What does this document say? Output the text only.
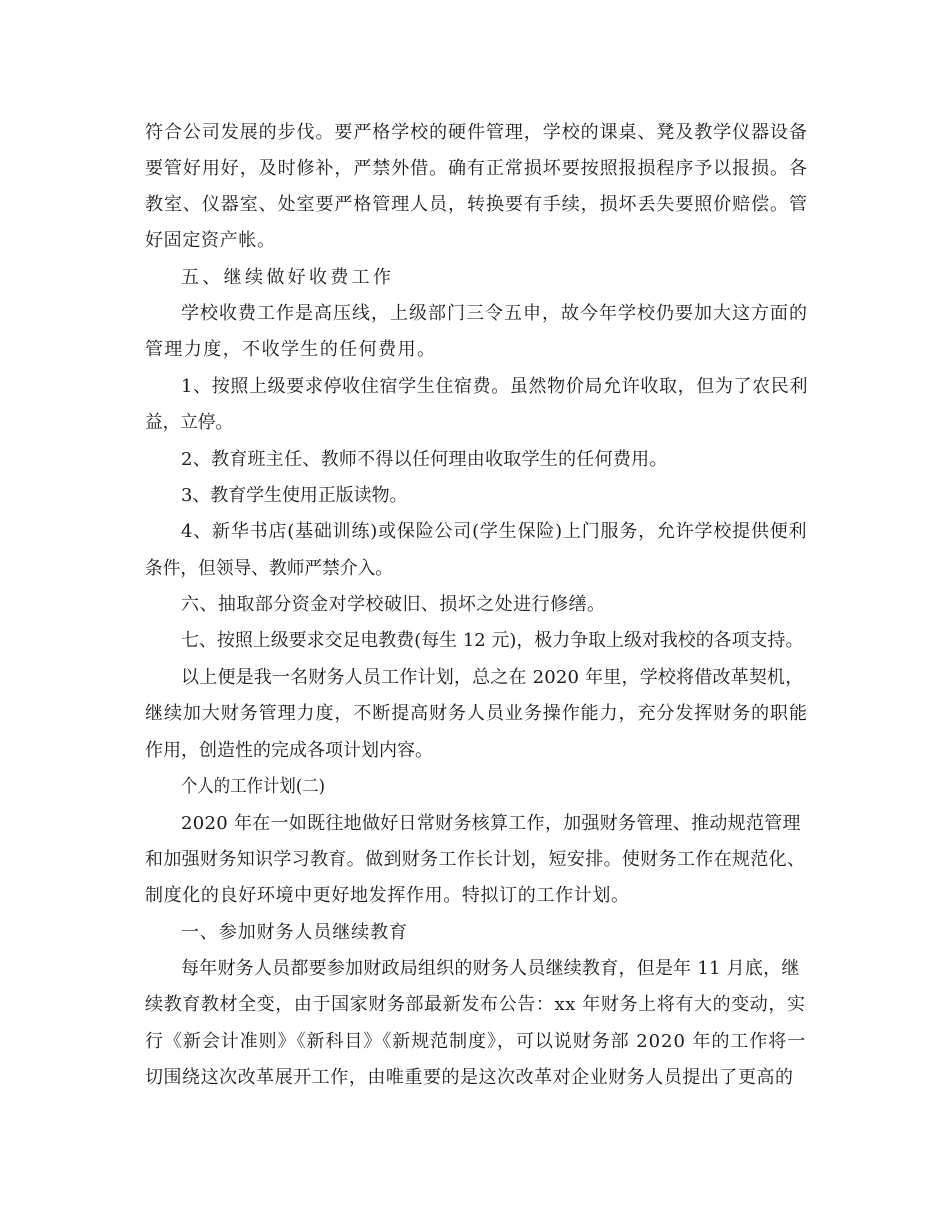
符合公司发展的步伐。要严格学校的硬件管理，学校的课桌、凳及教学仪器设备
要管好用好，及时修补，严禁外借。确有正常损坏要按照报损程序予以报损。各
教室、仪器室、处室要严格管理人员，转换要有手续，损坏丢失要照价赔偿。管
好固定资产帐。
五、继续做好收费工作
学校收费工作是高压线，上级部门三令五申，故今年学校仍要加大这方面的
管理力度，不收学生的任何费用。
1、按照上级要求停收住宿学生住宿费。虽然物价局允许收取，但为了农民利
益，立停。
2、教育班主任、教师不得以任何理由收取学生的任何费用。
3、教育学生使用正版读物。
4、新华书店(基础训练)或保险公司(学生保险)上门服务，允许学校提供便利
条件，但领导、教师严禁介入。
六、抽取部分资金对学校破旧、损坏之处进行修缮。
七、按照上级要求交足电教费(每生 12 元)，极力争取上级对我校的各项支持。
以上便是我一名财务人员工作计划，总之在 2020 年里，学校将借改革契机，
继续加大财务管理力度，不断提高财务人员业务操作能力，充分发挥财务的职能
作用，创造性的完成各项计划内容。
个人的工作计划(二)
2020 年在一如既往地做好日常财务核算工作，加强财务管理、推动规范管理
和加强财务知识学习教育。做到财务工作长计划，短安排。使财务工作在规范化、
制度化的良好环境中更好地发挥作用。特拟订的工作计划。
一、参加财务人员继续教育
每年财务人员都要参加财政局组织的财务人员继续教育，但是年 11 月底，继
续教育教材全变，由于国家财务部最新发布公告：xx 年财务上将有大的变动，实
行《新会计准则》《新科目》《新规范制度》，可以说财务部 2020 年的工作将一
切围绕这次改革展开工作，由唯重要的是这次改革对企业财务人员提出了更高的
